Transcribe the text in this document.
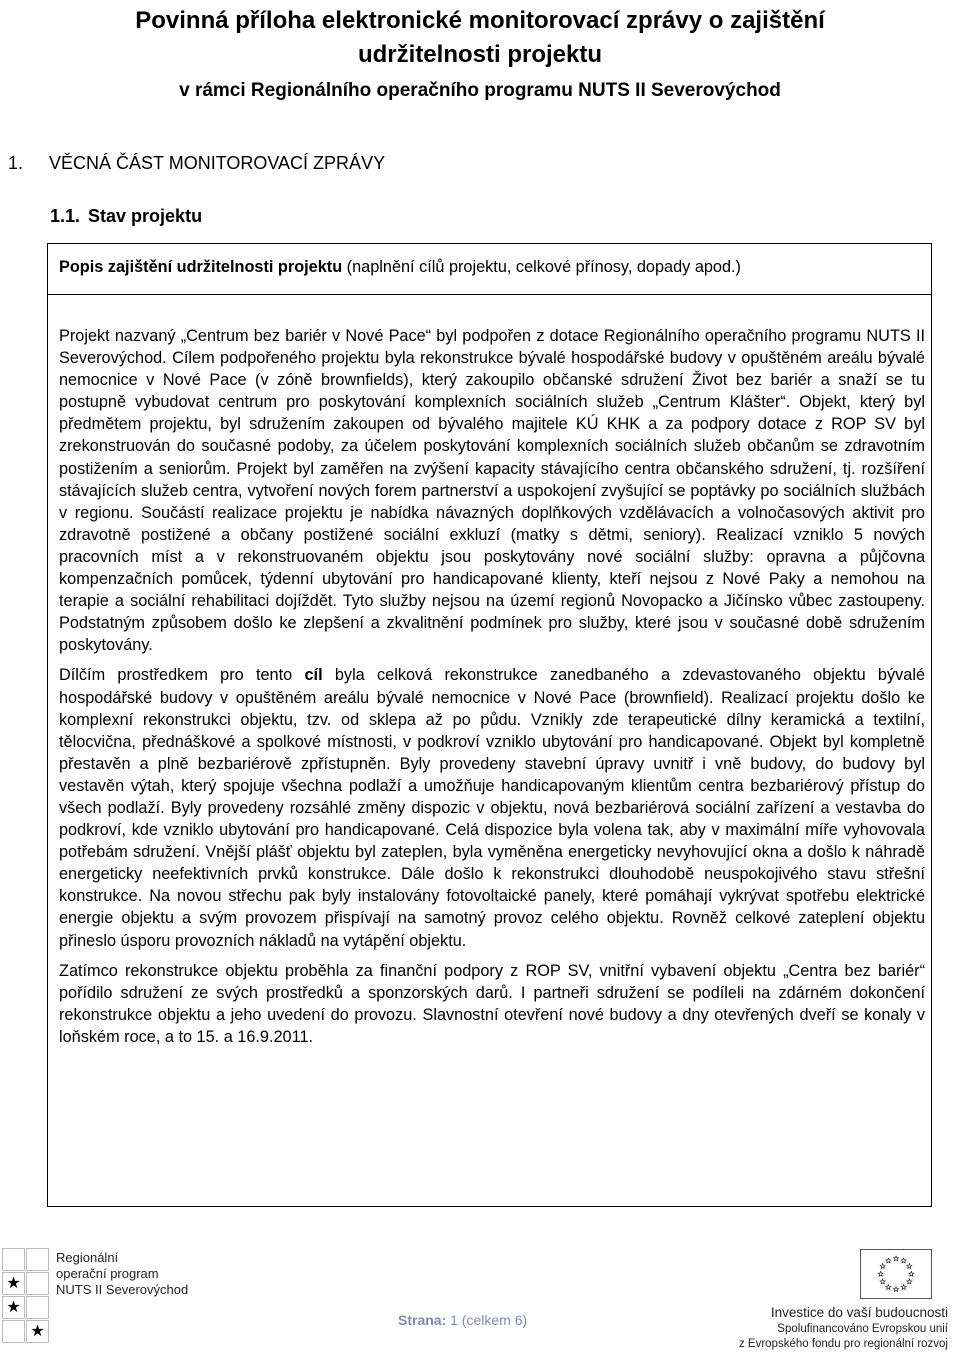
Povinná příloha elektronické monitorovací zprávy o zajištění
udržitelnosti projektu
v rámci Regionálního operačního programu NUTS II Severovýchod
1. VĚCNÁ ČÁST MONITOROVACÍ ZPRÁVY
1.1. Stav projektu
Popis zajištění udržitelnosti projektu (naplnění cílů projektu, celkové přínosy, dopady apod.)

Projekt nazvaný „Centrum bez bariér v Nové Pace“ byl podpořen z dotace Regionálního operačního programu NUTS II Severovýchod. Cílem podpořeného projektu byla rekonstrukce bývalé hospodářské budovy v opuštěném areálu bývalé nemocnice v Nové Pace (v zóně brownfields), který zakoupilo občanské sdružení Život bez bariér a snaží se tu postupně vybudovat centrum pro poskytování komplexních sociálních služeb „Centrum Klášter“. Objekt, který byl předmětem projektu, byl sdružením zakoupen od bývalého majitele KÚ KHK a za podpory dotace z ROP SV byl zrekonstruován do současné podoby, za účelem poskytování komplexních sociálních služeb občanům se zdravotním postižením a seniorům. Projekt byl zaměřen na zvýšení kapacity stávajícího centra občanského sdružení, tj. rozšíření stávajících služeb centra, vytvoření nových forem partnerství a uspokojení zvyšující se poptávky po sociálních službách v regionu. Součástí realizace projektu je nabídka návazných doplňkových vzdělávacích a volnočasových aktivit pro zdravotně postižené a občany postižené sociální exkluzí (matky s dětmi, seniory). Realizací vzniklo 5 nových pracovních míst a v rekonstruovaném objektu jsou poskytovány nové sociální služby: opravna a půjčovna kompenzačních pomůcek, týdenní ubytování pro handicapované klienty, kteří nejsou z Nové Paky a nemohou na terapie a sociální rehabilitaci dojíždět. Tyto služby nejsou na území regionů Novopacko a Jičínsko vůbec zastoupeny. Podstatným způsobem došlo ke zlepšení a zkvalitnění podmínek pro služby, které jsou v současné době sdružením poskytovány.

Dílčím prostředkem pro tento cíl byla celková rekonstrukce zanedbaného a zdevastovaného objektu bývalé hospodářské budovy v opuštěném areálu bývalé nemocnice v Nové Pace (brownfield). Realizací projektu došlo ke komplexní rekonstrukci objektu, tzv. od sklepa až po půdu. Vznikly zde terapeutické dílny keramická a textilní, tělocvična, přednáškové a spolkové místnosti, v podkroví vzniklo ubytování pro handicapované. Objekt byl kompletně přestavěn a plně bezbariérově zpřístupněn. Byly provedeny stavební úpravy uvnitř i vně budovy, do budovy byl vestavěn výtah, který spojuje všechna podlaží a umožňuje handicapovaným klientům centra bezbariérový přístup do všech podlaží. Byly provedeny rozsáhlé změny dispozic v objektu, nová bezbariérová sociální zařízení a vestavba do podkroví, kde vzniklo ubytování pro handicapované. Celá dispozice byla volena tak, aby v maximální míře vyhovovala potřebám sdružení. Vnější plášť objektu byl zateplen, byla vyměněna energeticky nevyhovující okna a došlo k náhradě energeticky neefektivních prvků konstrukce. Dále došlo k rekonstrukci dlouhodobě neuspokojivého stavu střešní konstrukce. Na novou střechu pak byly instalovány fotovoltaické panely, které pomáhají vykrývat spotřebu elektrické energie objektu a svým provozem přispívají na samotný provoz celého objektu. Rovněž celkové zateplení objektu přineslo úsporu provozních nákladů na vytápění objektu.

Zatímco rekonstrukce objektu proběhla za finanční podpory z ROP SV, vnitřní vybavení objektu „Centra bez bariér“ pořídilo sdružení ze svých prostředků a sponzorských darů. I partneři sdružení se podíleli na zdárném dokončení rekonstrukce objektu a jeho uvedení do provozu. Slavnostní otevření nové budovy a dny otevřených dveří se konaly v loňském roce, a to 15. a 16.9.2011.

★
★
★
Regionální
operační program
NUTS II Severovýchod
Strana: 1 (celkem 6)	Investice do vaší budoucnosti
Spolufinancováno Evropskou unií
z Evropského fondu pro regionální rozvoj
